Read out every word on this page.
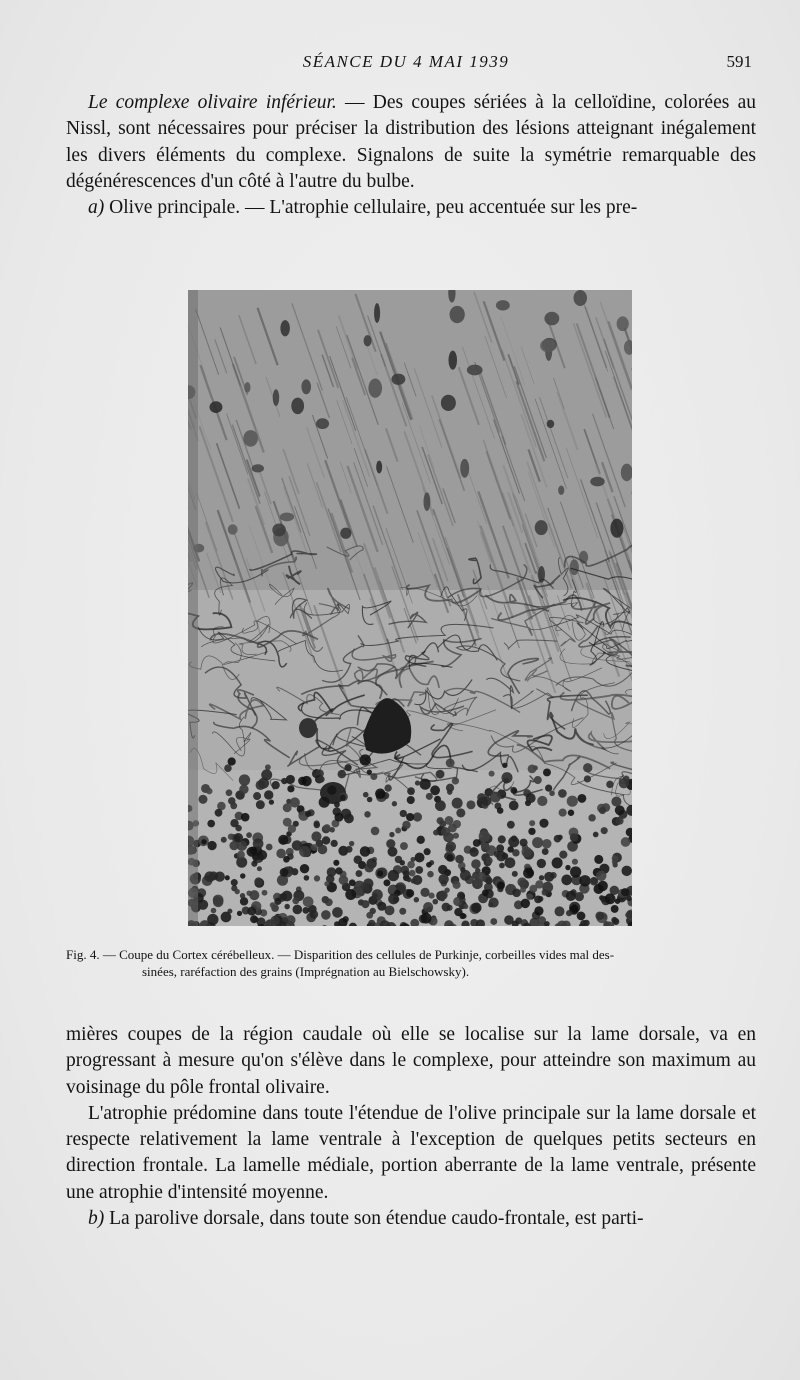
SÉANCE DU 4 MAI 1939	591

Le complexe olivaire inférieur. — Des coupes sériées à la celloïdine, colorées au Nissl, sont nécessaires pour préciser la distribution des lésions atteignant inégalement les divers éléments du complexe. Signalons de suite la symétrie remarquable des dégénérescences d'un côté à l'autre du bulbe.

a) Olive principale. — L'atrophie cellulaire, peu accentuée sur les pre-

Fig. 4. — Coupe du Cortex cérébelleux. — Disparition des cellules de Purkinje, corbeilles vides mal des-
sinées, raréfaction des grains (Imprégnation au Bielschowsky).

mières coupes de la région caudale où elle se localise sur la lame dorsale, va en progressant à mesure qu'on s'élève dans le complexe, pour atteindre son maximum au voisinage du pôle frontal olivaire.

L'atrophie prédomine dans toute l'étendue de l'olive principale sur la lame dorsale et respecte relativement la lame ventrale à l'exception de quelques petits secteurs en direction frontale. La lamelle médiale, portion aberrante de la lame ventrale, présente une atrophie d'intensité moyenne.

b) La parolive dorsale, dans toute son étendue caudo-frontale, est parti-
